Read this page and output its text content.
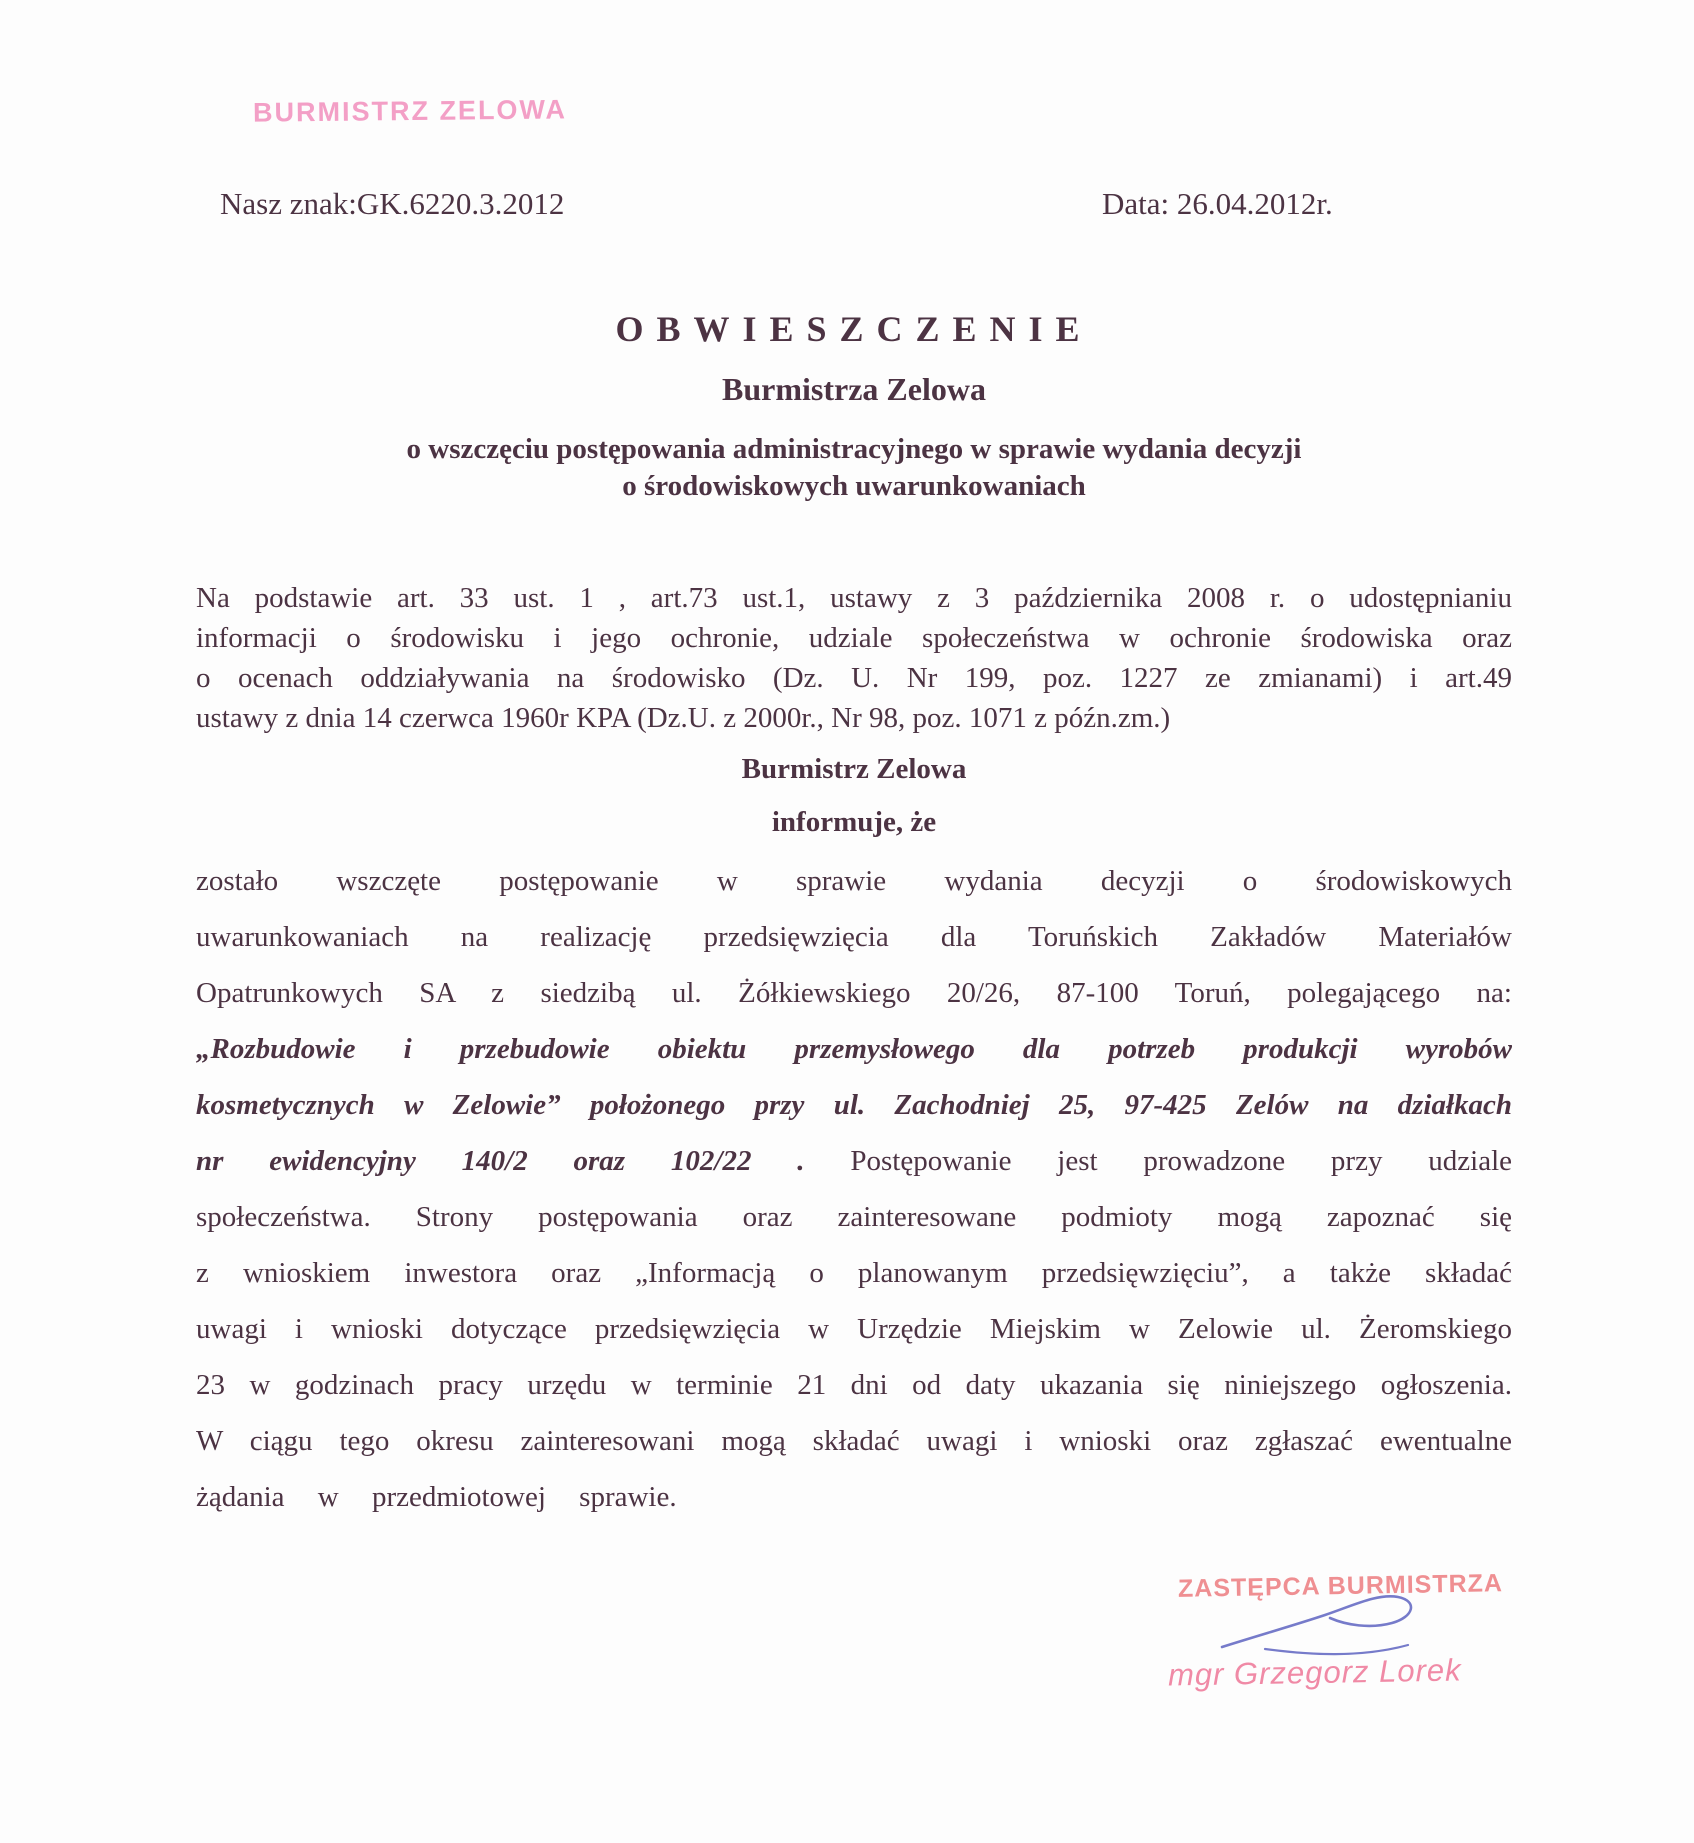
BURMISTRZ ZELOWA
Nasz znak:GK.6220.3.2012	Data: 26.04.2012r.
OBWIESZCZENIE
Burmistrza Zelowa
o wszczęciu postępowania administracyjnego w sprawie wydania decyzji
o środowiskowych uwarunkowaniach
Na podstawie art. 33 ust. 1 , art.73 ust.1, ustawy z 3 października 2008 r. o udostępnianiu
informacji o środowisku i jego ochronie, udziale społeczeństwa w ochronie środowiska oraz
o ocenach oddziaływania na środowisko (Dz. U. Nr 199, poz. 1227 ze zmianami) i art.49
ustawy z dnia 14 czerwca 1960r KPA (Dz.U. z 2000r., Nr 98, poz. 1071 z późn.zm.)
Burmistrz Zelowa
informuje, że
zostało wszczęte postępowanie w sprawie wydania decyzji o środowiskowych
uwarunkowaniach na realizację przedsięwzięcia dla Toruńskich Zakładów Materiałów
Opatrunkowych SA z siedzibą ul. Żółkiewskiego 20/26, 87-100 Toruń, polegającego na:
„Rozbudowie i przebudowie obiektu przemysłowego dla potrzeb produkcji wyrobów
kosmetycznych w Zelowie” położonego przy ul. Zachodniej 25, 97-425 Zelów na działkach
nr ewidencyjny 140/2 oraz 102/22 . Postępowanie jest prowadzone przy udziale
społeczeństwa. Strony postępowania oraz zainteresowane podmioty mogą zapoznać się
z wnioskiem inwestora oraz „Informacją o planowanym przedsięwzięciu”, a także składać
uwagi i wnioski dotyczące przedsięwzięcia w Urzędzie Miejskim w Zelowie ul. Żeromskiego
23 w godzinach pracy urzędu w terminie 21 dni od daty ukazania się niniejszego ogłoszenia.
W ciągu tego okresu zainteresowani mogą składać uwagi i wnioski oraz zgłaszać ewentualne
żądania w przedmiotowej sprawie.
ZASTĘPCA BURMISTRZA
mgr Grzegorz Lorek
